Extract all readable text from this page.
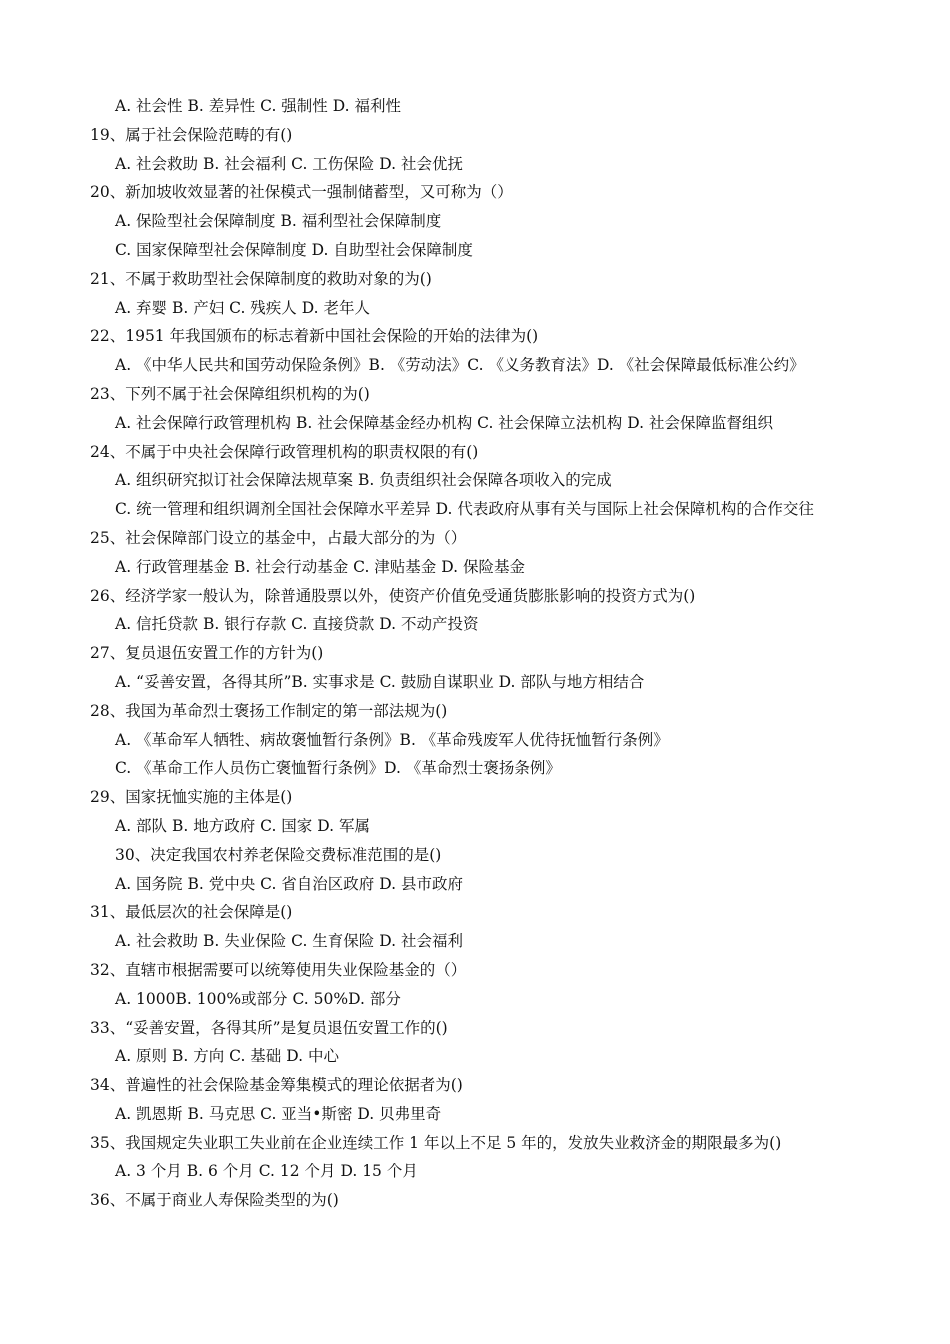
A. 社会性 B. 差异性 C. 强制性 D. 福利性
19、属于社会保险范畴的有()
A. 社会救助 B. 社会福利 C. 工伤保险 D. 社会优抚
20、新加坡收效显著的社保模式一强制储蓄型，又可称为（）
A. 保险型社会保障制度 B. 福利型社会保障制度
C. 国家保障型社会保障制度 D. 自助型社会保障制度
21、不属于救助型社会保障制度的救助对象的为()
A. 弃婴 B. 产妇 C. 残疾人 D. 老年人
22、1951 年我国颁布的标志着新中国社会保险的开始的法律为()
A. 《中华人民共和国劳动保险条例》B. 《劳动法》C. 《义务教育法》D. 《社会保障最低标准公约》
23、下列不属于社会保障组织机构的为()
A. 社会保障行政管理机构 B. 社会保障基金经办机构 C. 社会保障立法机构 D. 社会保障监督组织
24、不属于中央社会保障行政管理机构的职责权限的有()
A. 组织研究拟订社会保障法规草案 B. 负责组织社会保障各项收入的完成
C. 统一管理和组织调剂全国社会保障水平差异 D. 代表政府从事有关与国际上社会保障机构的合作交往
25、社会保障部门设立的基金中，占最大部分的为（）
A. 行政管理基金 B. 社会行动基金 C. 津贴基金 D. 保险基金
26、经济学家一般认为，除普通股票以外，使资产价值免受通货膨胀影响的投资方式为()
A. 信托贷款 B. 银行存款 C. 直接贷款 D. 不动产投资
27、复员退伍安置工作的方针为()
A. “妥善安置，各得其所”B. 实事求是 C. 鼓励自谋职业 D. 部队与地方相结合
28、我国为革命烈士褒扬工作制定的第一部法规为()
A. 《革命军人牺牲、病故褒恤暂行条例》B. 《革命残废军人优待抚恤暂行条例》
C. 《革命工作人员伤亡褒恤暂行条例》D. 《革命烈士褒扬条例》
29、国家抚恤实施的主体是()
A. 部队 B. 地方政府 C. 国家 D. 军属
30、决定我国农村养老保险交费标准范围的是()
A. 国务院 B. 党中央 C. 省自治区政府 D. 县市政府
31、最低层次的社会保障是()
A. 社会救助 B. 失业保险 C. 生育保险 D. 社会福利
32、直辖市根据需要可以统筹使用失业保险基金的（）
A. 1000B. 100%或部分 C. 50%D. 部分
33、“妥善安置，各得其所”是复员退伍安置工作的()
A. 原则 B. 方向 C. 基础 D. 中心
34、普遍性的社会保险基金筹集模式的理论依据者为()
A. 凯恩斯 B. 马克思 C. 亚当•斯密 D. 贝弗里奇
35、我国规定失业职工失业前在企业连续工作 1 年以上不足 5 年的，发放失业救济金的期限最多为()
A. 3 个月 B. 6 个月 C. 12 个月 D. 15 个月
36、不属于商业人寿保险类型的为()
